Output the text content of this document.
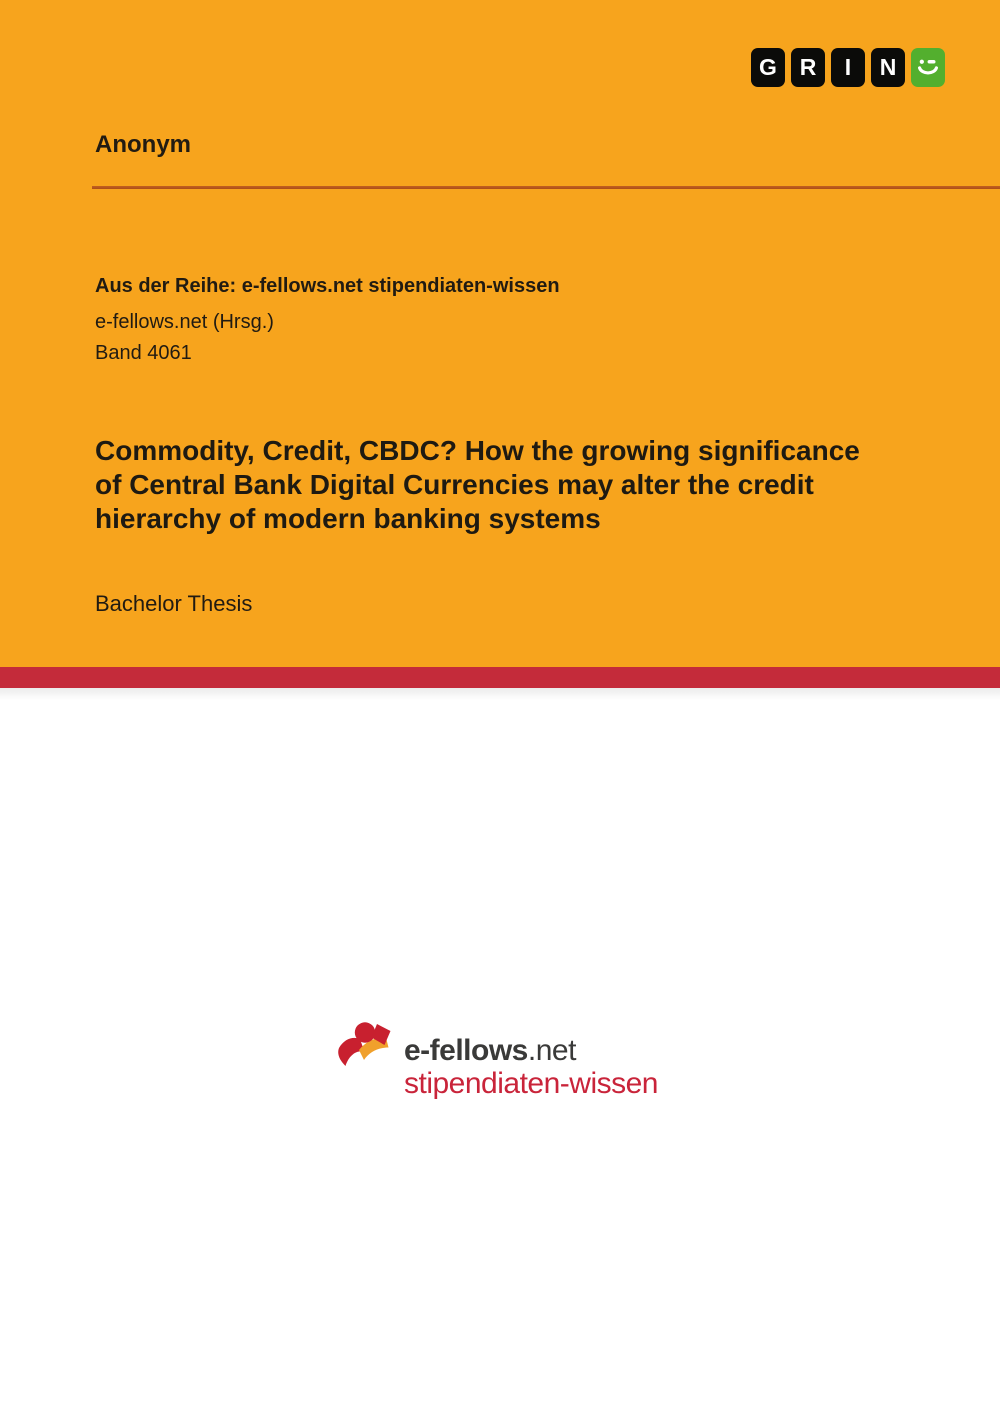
G R I N
Anonym
Aus der Reihe: e-fellows.net stipendiaten-wissen
e-fellows.net (Hrsg.)
Band 4061
Commodity, Credit, CBDC? How the growing significance
of Central Bank Digital Currencies may alter the credit
hierarchy of modern banking systems
Bachelor Thesis
e-fellows.net
stipendiaten-wissen
